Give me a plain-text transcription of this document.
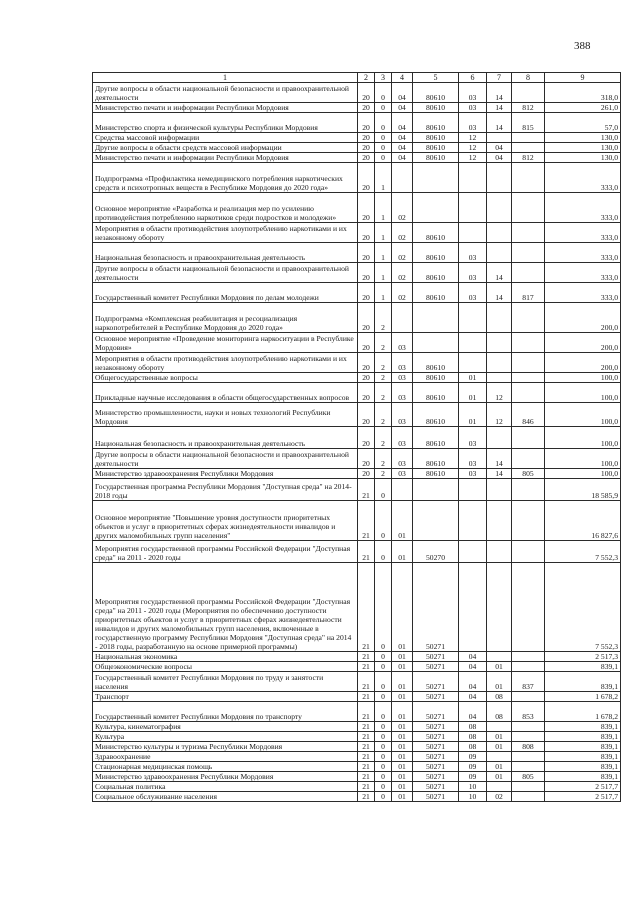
388
1	2	3	4	5	6	7	8	9
Другие вопросы в области национальной безопасности и правоохранительной деятельности	20	0	04	80610	03	14		318,0
Министерство печати и информации Республики Мордовия	20	0	04	80610	03	14	812	261,0
Министерство спорта и физической культуры Республики Мордовия	20	0	04	80610	03	14	815	57,0
Средства массовой информации	20	0	04	80610	12			130,0
Другие вопросы в области средств массовой информации	20	0	04	80610	12	04		130,0
Министерство печати и информации Республики Мордовия	20	0	04	80610	12	04	812	130,0
Подпрограмма «Профилактика немедицинского потребления наркотических средств и психотропных веществ в Республике Мордовия до 2020 года»	20	1						333,0
Основное мероприятие «Разработка и реализация мер по усилению противодействия потреблению наркотиков среди подростков и молодежи»	20	1	02					333,0
Мероприятия в области противодействия злоупотреблению наркотиками и их незаконному обороту	20	1	02	80610				333,0
Национальная безопасность и правоохранительная деятельность	20	1	02	80610	03			333,0
Другие вопросы в области национальной безопасности и правоохранительной деятельности	20	1	02	80610	03	14		333,0
Государственный комитет Республики Мордовия по делам молодежи	20	1	02	80610	03	14	817	333,0
Подпрограмма «Комплексная реабилитация и ресоциализация наркопотребителей в Республике Мордовия до 2020 года»	20	2						200,0
Основное мероприятие «Проведение мониторинга наркоситуации в Республике Мордовия»	20	2	03					200,0
Мероприятия в области противодействия злоупотреблению наркотиками и их незаконному обороту	20	2	03	80610				200,0
Общегосударственные вопросы	20	2	03	80610	01			100,0
Прикладные научные исследования в области общегосударственных вопросов	20	2	03	80610	01	12		100,0
Министерство промышленности, науки и новых технологий Республики Мордовия	20	2	03	80610	01	12	846	100,0
Национальная безопасность и правоохранительная деятельность	20	2	03	80610	03			100,0
Другие вопросы в области национальной безопасности и правоохранительной деятельности	20	2	03	80610	03	14		100,0
Министерство здравоохранения Республики Мордовия	20	2	03	80610	03	14	805	100,0
Государственная программа Республики Мордовия "Доступная среда" на 2014-2018 годы	21	0						18 585,9
Основное мероприятие "Повышение уровня доступности приоритетных объектов и услуг в приоритетных сферах жизнедеятельности инвалидов и других маломобильных групп населения"	21	0	01					16 827,6
Мероприятия государственной программы Российской Федерации "Доступная среда" на 2011 - 2020 годы	21	0	01	50270				7 552,3
Мероприятия государственной программы Российской Федерации "Доступная среда" на 2011 - 2020 годы (Мероприятия по обеспечению доступности приоритетных объектов и услуг в приоритетных сферах жизнедеятельности инвалидов и других маломобильных групп населения, включенные в государственную программу Республики Мордовия "Доступная среда" на 2014 - 2018 годы, разработанную на основе примерной программы)	21	0	01	50271				7 552,3
Национальная экономика	21	0	01	50271	04			2 517,3
Общеэкономические вопросы	21	0	01	50271	04	01		839,1
Государственный комитет Республики Мордовия по труду и занятости населения	21	0	01	50271	04	01	837	839,1
Транспорт	21	0	01	50271	04	08		1 678,2
Государственный комитет Республики Мордовия по транспорту	21	0	01	50271	04	08	853	1 678,2
Культура, кинематография	21	0	01	50271	08			839,1
Культура	21	0	01	50271	08	01		839,1
Министерство культуры и туризма Республики Мордовия	21	0	01	50271	08	01	808	839,1
Здравоохранение	21	0	01	50271	09			839,1
Стационарная медицинская помощь	21	0	01	50271	09	01		839,1
Министерство здравоохранения Республики Мордовия	21	0	01	50271	09	01	805	839,1
Социальная политика	21	0	01	50271	10			2 517,7
Социальное обслуживание населения	21	0	01	50271	10	02		2 517,7
